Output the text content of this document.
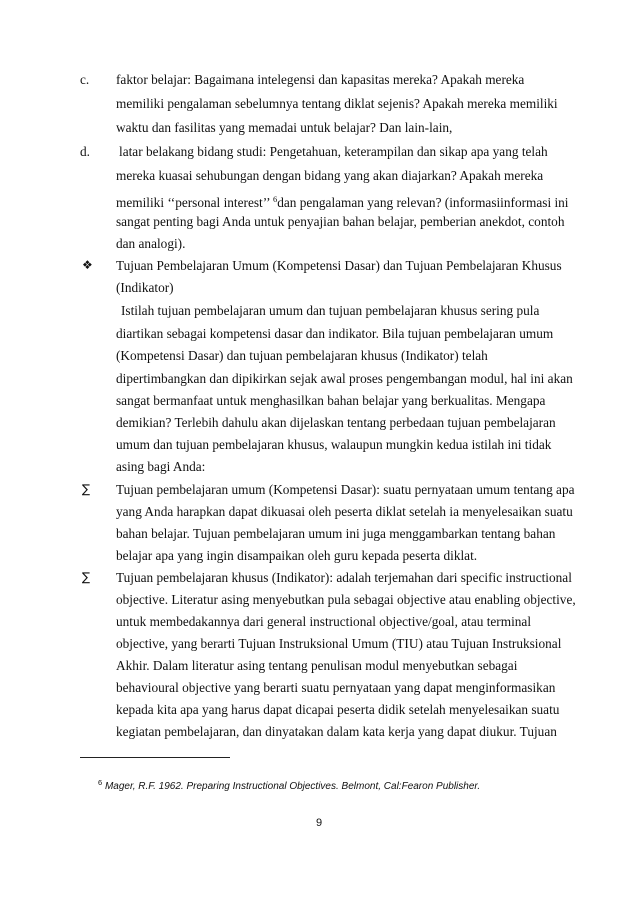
c.
d.
❖
∑
∑
faktor belajar: Bagaimana intelegensi dan kapasitas mereka? Apakah mereka
memiliki pengalaman sebelumnya tentang diklat sejenis? Apakah mereka memiliki
waktu dan fasilitas yang memadai untuk belajar? Dan lain-lain,
latar belakang bidang studi: Pengetahuan, keterampilan dan sikap apa yang telah
mereka kuasai sehubungan dengan bidang yang akan diajarkan? Apakah mereka
memiliki ‘‘personal interest’’ $^6$dan pengalaman yang relevan? (informasiinformasi ini
sangat penting bagi Anda untuk penyajian bahan belajar, pemberian anekdot, contoh
dan analogi).
Tujuan Pembelajaran Umum (Kompetensi Dasar) dan Tujuan Pembelajaran Khusus
(Indikator)
Istilah tujuan pembelajaran umum dan tujuan pembelajaran khusus sering pula
diartikan sebagai kompetensi dasar dan indikator. Bila tujuan pembelajaran umum
(Kompetensi Dasar) dan tujuan pembelajaran khusus (Indikator) telah
dipertimbangkan dan dipikirkan sejak awal proses pengembangan modul, hal ini akan
sangat bermanfaat untuk menghasilkan bahan belajar yang berkualitas. Mengapa
demikian? Terlebih dahulu akan dijelaskan tentang perbedaan tujuan pembelajaran
umum dan tujuan pembelajaran khusus, walaupun mungkin kedua istilah ini tidak
asing bagi Anda:
Tujuan pembelajaran umum (Kompetensi Dasar): suatu pernyataan umum tentang apa
yang Anda harapkan dapat dikuasai oleh peserta diklat setelah ia menyelesaikan suatu
bahan belajar. Tujuan pembelajaran umum ini juga menggambarkan tentang bahan
belajar apa yang ingin disampaikan oleh guru kepada peserta diklat.
Tujuan pembelajaran khusus (Indikator): adalah terjemahan dari specific instructional
objective. Literatur asing menyebutkan pula sebagai objective atau enabling objective,
untuk membedakannya dari general instructional objective/goal, atau terminal
objective, yang berarti Tujuan Instruksional Umum (TIU) atau Tujuan Instruksional
Akhir. Dalam literatur asing tentang penulisan modul menyebutkan sebagai
behavioural objective yang berarti suatu pernyataan yang dapat menginformasikan
kepada kita apa yang harus dapat dicapai peserta didik setelah menyelesaikan suatu
kegiatan pembelajaran, dan dinyatakan dalam kata kerja yang dapat diukur. Tujuan
$^6$ Mager, R.F. 1962. Preparing Instructional Objectives. Belmont, Cal:Fearon Publisher.
9
